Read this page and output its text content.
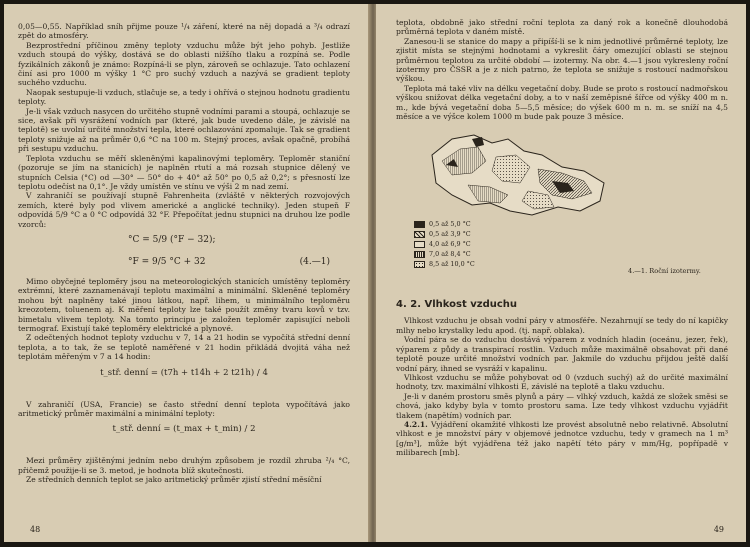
0,05—0,55. Například sníh přijme pouze ¹/₄ záření, které na něj dopadá a ³/₄ odrazí zpět do atmosféry.

Bezprostřední příčinou změny teploty vzduchu může být jeho pohyb. Jestliže vzduch stoupá do výšky, dostává se do oblasti nižšího tlaku a rozpíná se. Podle fyzikálních zákonů je známo: Rozpíná-li se plyn, zároveň se ochlazuje. Tato ochlazení činí asi pro 1000 m výšky 1 °C pro suchý vzduch a nazývá se gradient teploty suchého vzduchu.

Naopak sestupuje-li vzduch, stlačuje se, a tedy i ohřívá o stejnou hodnotu gradientu teploty.

Je-li však vzduch nasycen do určitého stupně vodními parami a stoupá, ochlazuje se sice, avšak při vysrážení vodních par (které, jak bude uvedeno dále, je závislé na teplotě) se uvolní určité množství tepla, které ochlazování zpomaluje. Tak se gradient teploty snižuje až na průměr 0,6 °C na 100 m. Stejný proces, avšak opačně, probíhá při sestupu vzduchu.

Teplota vzduchu se měří skleněnými kapalinovými teploměry. Teploměr staniční (pozoruje se jím na stanicích) je naplněn rtutí a má rozsah stupnice dělený ve stupních Celsia (°C) od —30° — 50° do + 40° až 50° po 0,5 až 0,2°; s přesností lze teplotu odečíst na 0,1°. Je vždy umístěn ve stínu ve výši 2 m nad zemí.

V zahraničí se používají stupně Fahrenheita (zvláště v některých rozvojových zemích, které byly pod vlivem americké a anglické techniky). Jeden stupeň F odpovídá 5/9 °C a 0 °C odpovídá 32 °F. Přepočítat jednu stupnici na druhou lze podle vzorců:

°C = 5/9 (°F − 32);
°F = 9/5 °C + 32	(4.—1)

Mimo obyčejné teploměry jsou na meteorologických stanicích umístěny teploměry extrémní, které zaznamenávají teplotu maximální a minimální. Skleněné teploměry mohou být naplněny také jinou látkou, např. lihem, u minimálního teploměru kreozotem, toluenem aj. K měření teploty lze také použít změny tvaru kovů v tzv. bimetalu vlivem teploty. Na tomto principu je založen teploměr zapisující neboli termograf. Existují také teploměry elektrické a plynové.

Z odečtených hodnot teploty vzduchu v 7, 14 a 21 hodin se vypočítá střední denní teplota, a to tak, že se teplotě naměřené v 21 hodin přikládá dvojitá váha než teplotám měřeným v 7 a 14 hodin:

t_stř. denní = (t7h + t14h + 2 t21h) / 4

V zahraničí (USA, Francie) se často střední denní teplota vypočítává jako aritmetický průměr maximální a minimální teploty:

t_stř. denní = (t_max + t_min) / 2

Mezi průměry zjištěnými jedním nebo druhým způsobem je rozdíl zhruba ²/₄ °C, přičemž použije-li se 3. metod, je hodnota blíž skutečnosti.

Ze středních denních teplot se jako aritmetický průměr zjistí střední měsíční

48

teplota, obdobně jako střední roční teplota za daný rok a konečně dlouhodobá průměrná teplota v daném místě.

Zanesou-li se stanice do mapy a připíší-li se k nim jednotlivé průměrné teploty, lze zjistit místa se stejnými hodnotami a vykreslit čáry omezující oblasti se stejnou průměrnou teplotou za určité období — izotermy. Na obr. 4.—1 jsou vykresleny roční izotermy pro ČSSR a je z nich patrno, že teplota se snižuje s rostoucí nadmořskou výškou.

Teplota má také vliv na délku vegetační doby. Bude se proto s rostoucí nadmořskou výškou snižovat délka vegetační doby, a to v naší zeměpisné šířce od výšky 400 m n. m., kde bývá vegetační doba 5—5,5 měsíce; do výšek 600 m n. m. se sníží na 4,5 měsíce a ve výšce kolem 1000 m bude pak pouze 3 měsíce.

0,5 až 5,0 °C
0,5 až 3,9 °C
4,0 až 6,9 °C
7,0 až 8,4 °C
8,5 až 10,0 °C
4.—1. Roční izotermy.
4. 2. Vlhkost vzduchu

Vlhkost vzduchu je obsah vodní páry v atmosféře. Nezahrnují se tedy do ní kapičky mlhy nebo krystalky ledu apod. (tj. např. oblaka).

Vodní pára se do vzduchu dostává výparem z vodních hladin (oceánu, jezer, řek), výparem z půdy a transpirací rostlin. Vzduch může maximálně obsahovat při dané teplotě pouze určité množství vodních par. Jakmile do vzduchu přijdou ještě další vodní páry, ihned se vysráží v kapalinu.

Vlhkost vzduchu se může pohybovat od 0 (vzduch suchý) až do určité maximální hodnoty, tzv. maximální vlhkosti E, závislé na teplotě a tlaku vzduchu.

Je-li v daném prostoru směs plynů a páry — vlhký vzduch, každá ze složek směsi se chová, jako kdyby byla v tomto prostoru sama. Lze tedy vlhkost vzduchu vyjádřit tlakem (napětím) vodních par.

4.2.1. Vyjádření okamžité vlhkosti lze provést absolutně nebo relativně. Absolutní vlhkost e je množství páry v objemové jednotce vzduchu, tedy v gramech na 1 m³ [g/m³], může být vyjádřena též jako napětí této páry v mm/Hg, popřípadě v milibarech [mb].

49
